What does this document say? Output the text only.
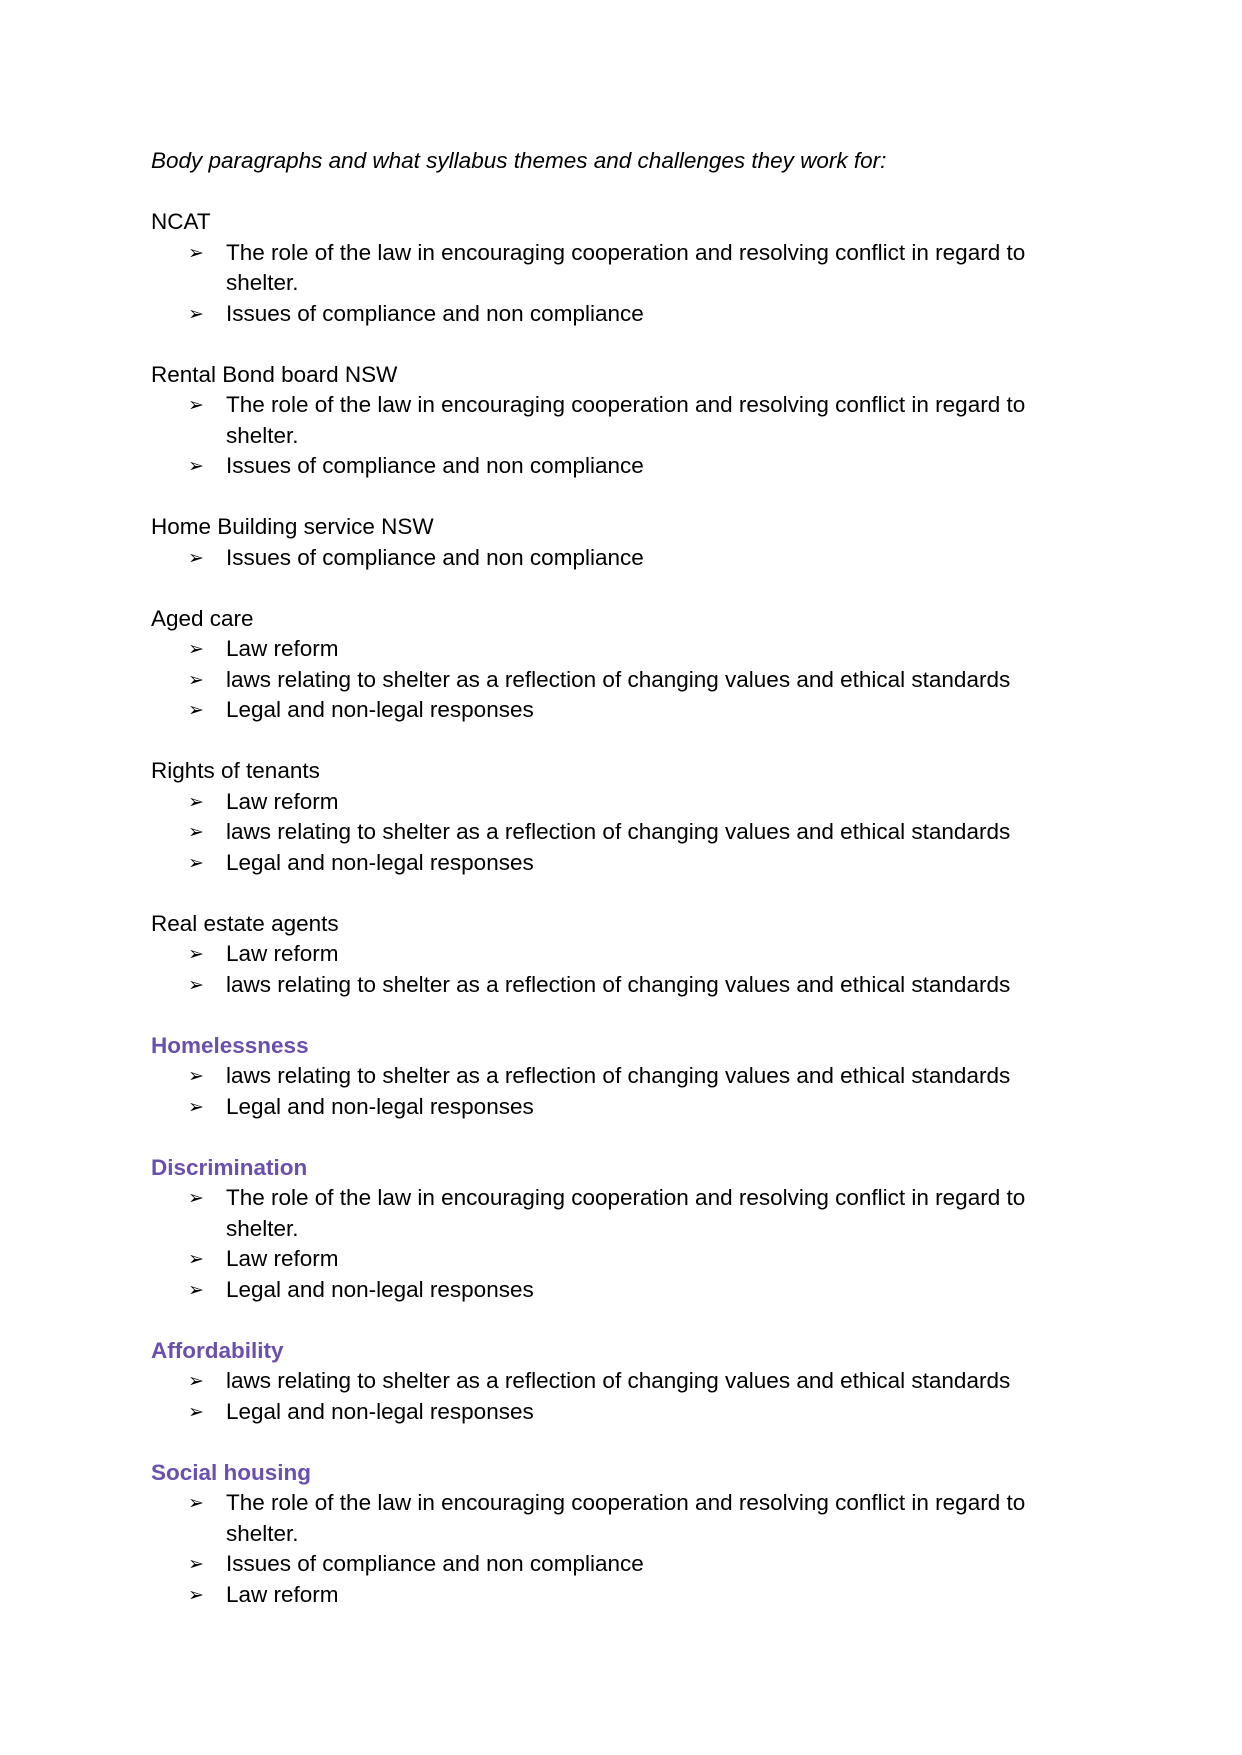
Body paragraphs and what syllabus themes and challenges they work for:

NCAT

➢ The role of the law in encouraging cooperation and resolving conflict in regard to shelter.
➢ Issues of compliance and non compliance

Rental Bond board NSW

➢ The role of the law in encouraging cooperation and resolving conflict in regard to shelter.
➢ Issues of compliance and non compliance

Home Building service NSW

➢ Issues of compliance and non compliance

Aged care

➢ Law reform
➢ laws relating to shelter as a reflection of changing values and ethical standards
➢ Legal and non-legal responses

Rights of tenants

➢ Law reform
➢ laws relating to shelter as a reflection of changing values and ethical standards
➢ Legal and non-legal responses

Real estate agents

➢ Law reform
➢ laws relating to shelter as a reflection of changing values and ethical standards

Homelessness

➢ laws relating to shelter as a reflection of changing values and ethical standards
➢ Legal and non-legal responses

Discrimination

➢ The role of the law in encouraging cooperation and resolving conflict in regard to shelter.
➢ Law reform
➢ Legal and non-legal responses

Affordability

➢ laws relating to shelter as a reflection of changing values and ethical standards
➢ Legal and non-legal responses

Social housing

➢ The role of the law in encouraging cooperation and resolving conflict in regard to shelter.
➢ Issues of compliance and non compliance
➢ Law reform
